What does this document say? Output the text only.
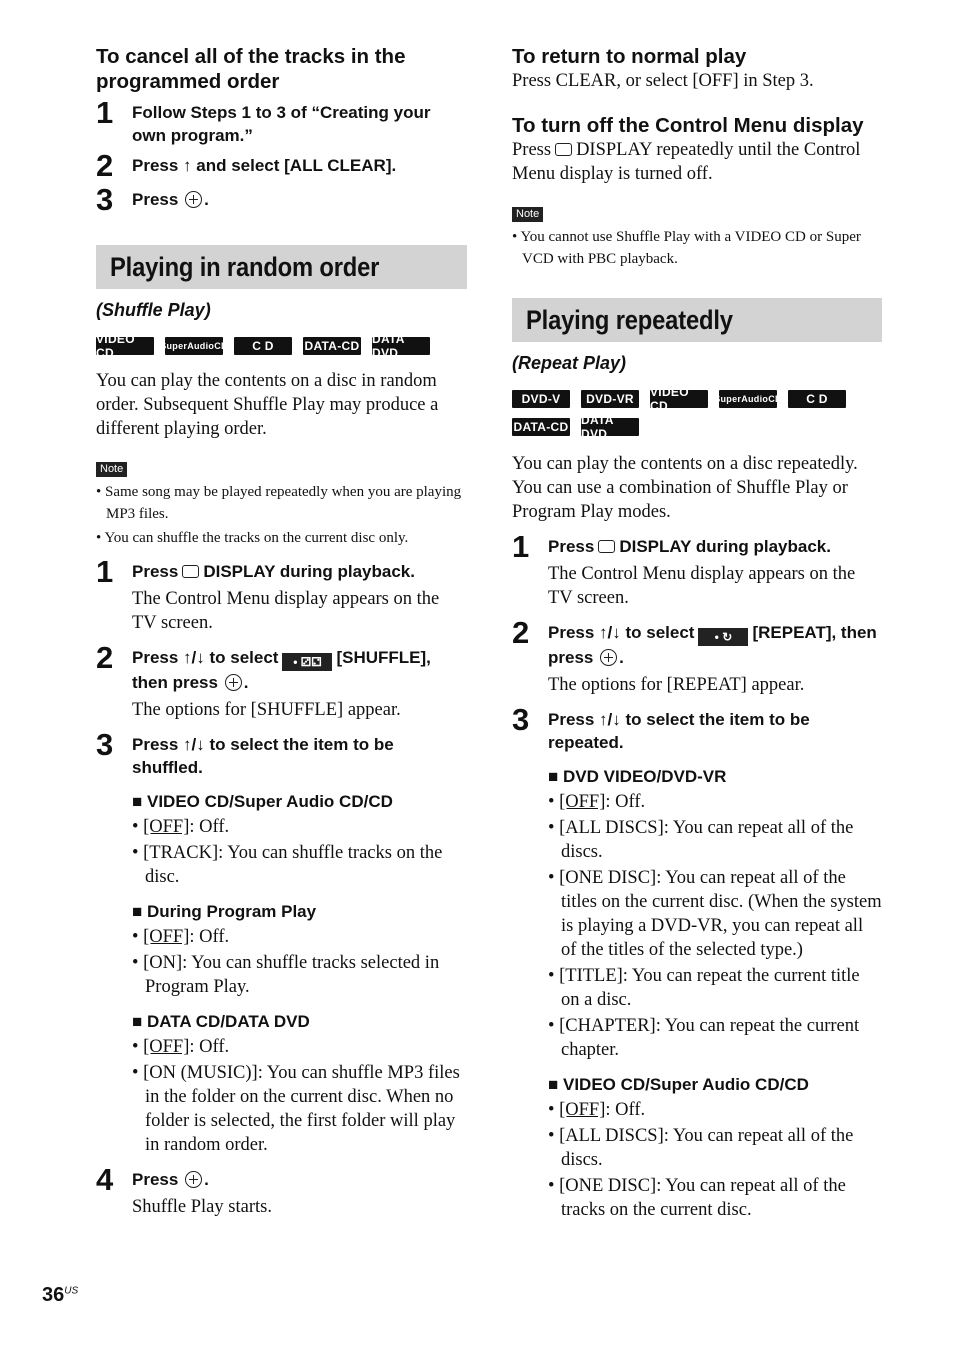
To cancel all of the tracks in the programmed order

1	Follow Steps 1 to 3 of “Creating your own program.”

2	Press ↑ and select [ALL CLEAR].

3	Press .

Playing in random order

(Shuffle Play)

VIDEO CD	SuperAudioCD	C D	DATA-CD DATA DVD

You can play the contents on a disc in random order. Subsequent Shuffle Play may produce a different playing order.

Note
• Same song may be played repeatedly when you are playing MP3 files.
• You can shuffle the tracks on the current disc only.
1	Press DISPLAY during playback.

The Control Menu display appears on the TV screen.

2	Press ↑/↓ to select • ⚂⚁ [SHUFFLE], then press .

The options for [SHUFFLE] appear.

3	Press ↑/↓ to select the item to be shuffled.

■ VIDEO CD/Super Audio CD/CD

• [OFF]: Off.
• [TRACK]: You can shuffle tracks on the disc.

■ During Program Play

• [OFF]: Off.
• [ON]: You can shuffle tracks selected in Program Play.

■ DATA CD/DATA DVD

• [OFF]: Off.
• [ON (MUSIC)]: You can shuffle MP3 files in the folder on the current disc. When no folder is selected, the first folder will play in random order.
4	Press .

Shuffle Play starts.

To return to normal play

Press CLEAR, or select [OFF] in Step 3.

To turn off the Control Menu display

Press DISPLAY repeatedly until the Control Menu display is turned off.

Note
• You cannot use Shuffle Play with a VIDEO CD or Super VCD with PBC playback.
Playing repeatedly

(Repeat Play)

DVD-V	DVD-VR	VIDEO CD	SuperAudioCD	C D
DATA-CD DATA DVD

You can play the contents on a disc repeatedly. You can use a combination of Shuffle Play or Program Play modes.

1	Press DISPLAY during playback.

The Control Menu display appears on the TV screen.

2	Press ↑/↓ to select • ↻ [REPEAT], then press .

The options for [REPEAT] appear.

3	Press ↑/↓ to select the item to be repeated.

■ DVD VIDEO/DVD-VR

• [OFF]: Off.
• [ALL DISCS]: You can repeat all of the discs.
• [ONE DISC]: You can repeat all of the titles on the current disc. (When the system is playing a DVD-VR, you can repeat all of the titles of the selected type.)
• [TITLE]: You can repeat the current title on a disc.
• [CHAPTER]: You can repeat the current chapter.

■ VIDEO CD/Super Audio CD/CD

• [OFF]: Off.
• [ALL DISCS]: You can repeat all of the discs.
• [ONE DISC]: You can repeat all of the tracks on the current disc.
$36^{US}$
